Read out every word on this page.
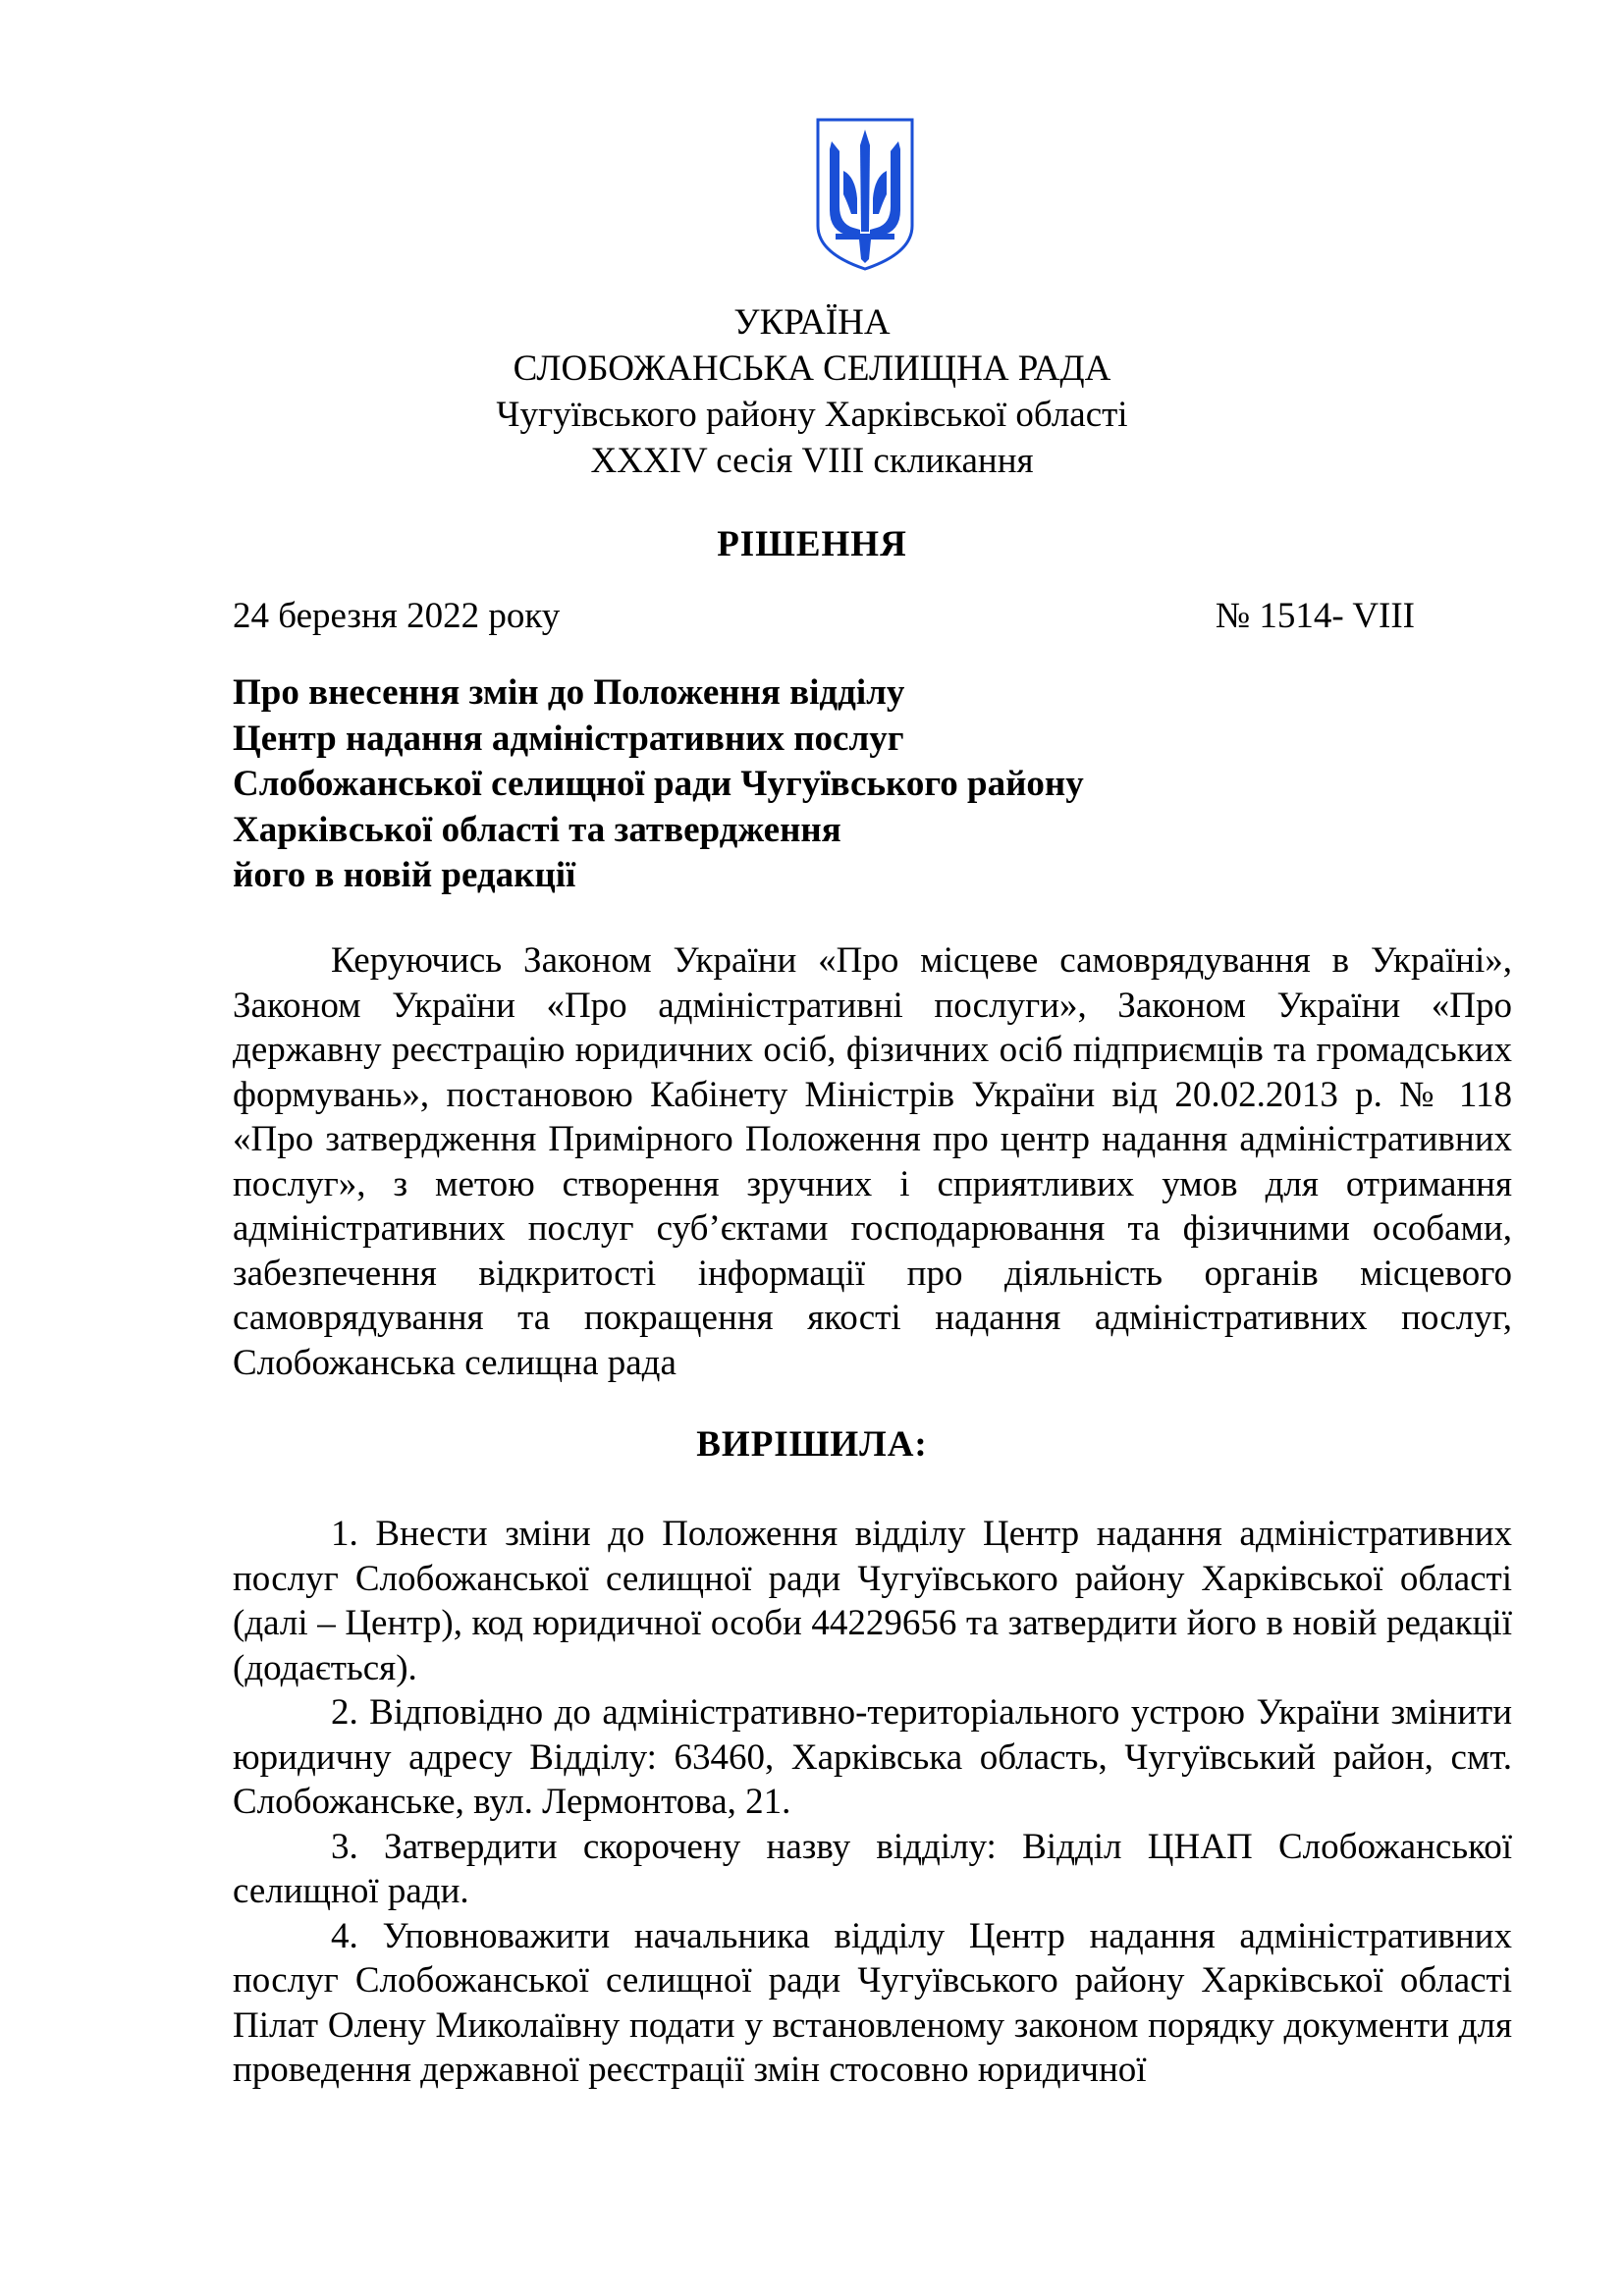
УКРАЇНА
СЛОБОЖАНСЬКА СЕЛИЩНА РАДА
Чугуївського району Харківської області
XXXIV сесія VIII скликання
РІШЕННЯ
24 березня 2022 року	№ 1514- VIII
Про внесення змін до Положення відділу
Центр надання адміністративних послуг
Слобожанської селищної ради Чугуївського району
Харківської області та затвердження
його в новій редакції

Керуючись Законом України «Про місцеве самоврядування в Україні», Законом України «Про адміністративні послуги», Законом України «Про державну реєстрацію юридичних осіб, фізичних осіб підприємців та громадських формувань», постановою Кабінету Міністрів України від 20.02.2013 р. № 118 «Про затвердження Примірного Положення про центр надання адміністративних послуг», з метою створення зручних і сприятливих умов для отримання адміністративних послуг суб’єктами господарювання та фізичними особами, забезпечення відкритості інформації про діяльність органів місцевого самоврядування та покращення якості надання адміністративних послуг, Слобожанська селищна рада

ВИРІШИЛА:

1. Внести зміни до Положення відділу Центр надання адміністративних послуг Слобожанської селищної ради Чугуївського району Харківської області (далі – Центр), код юридичної особи 44229656 та затвердити його в новій редакції (додається).

2. Відповідно до адміністративно-територіального устрою України змінити юридичну адресу Відділу: 63460, Харківська область, Чугуївський район, смт. Слобожанське, вул. Лермонтова, 21.

3. Затвердити скорочену назву відділу: Відділ ЦНАП Слобожанської селищної ради.

4. Уповноважити начальника відділу Центр надання адміністративних послуг Слобожанської селищної ради Чугуївського району Харківської області Пілат Олену Миколаївну подати у встановленому законом порядку документи для проведення державної реєстрації змін стосовно юридичної
